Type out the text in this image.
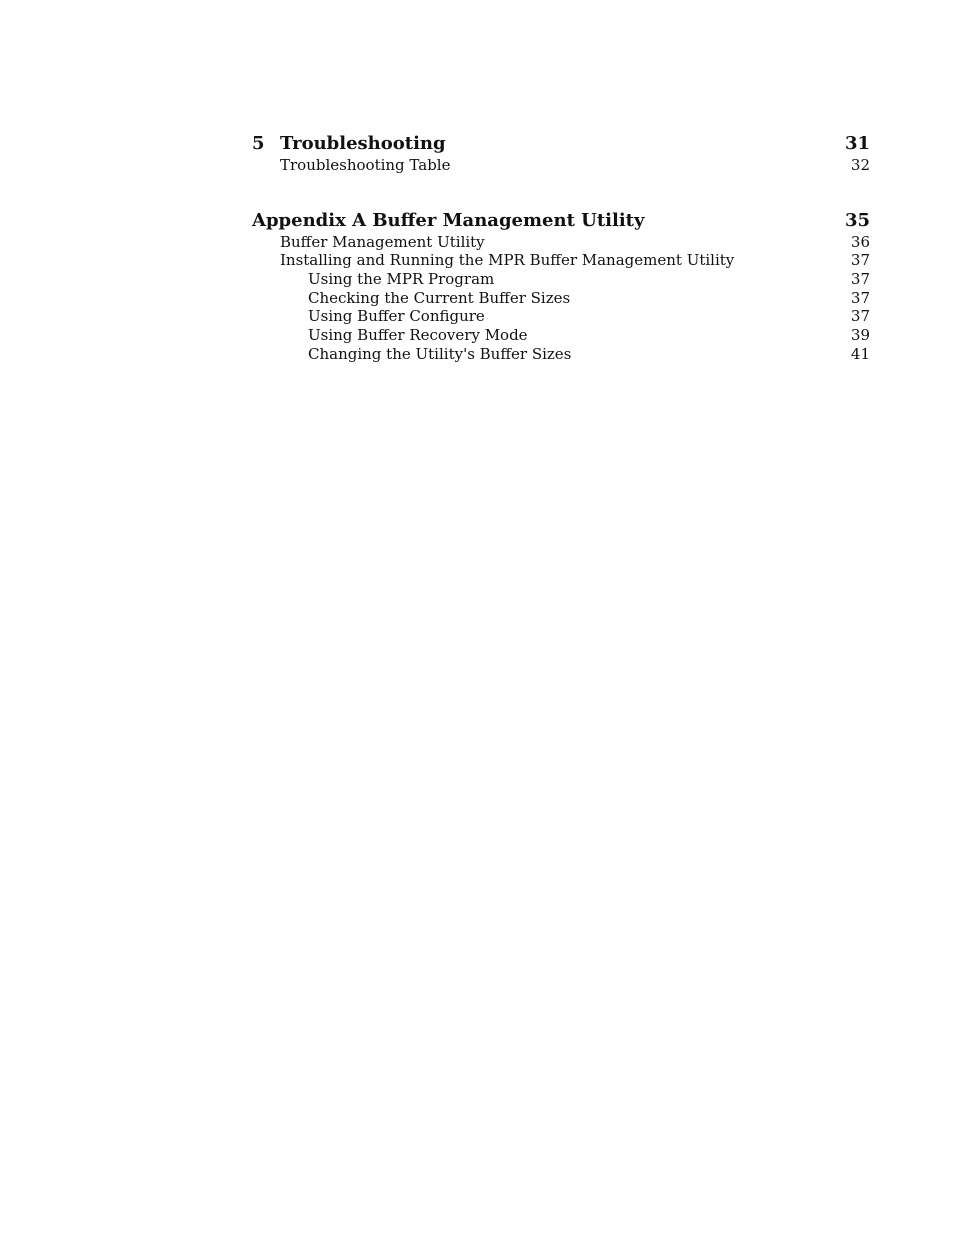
5 Troubleshooting	31
Troubleshooting Table	32
Appendix A Buffer Management Utility	35
Buffer Management Utility	36
Installing and Running the MPR Buffer Management Utility	37
Using the MPR Program	37
Checking the Current Buffer Sizes	37
Using Buffer Configure	37
Using Buffer Recovery Mode	39
Changing the Utility's Buffer Sizes	41
